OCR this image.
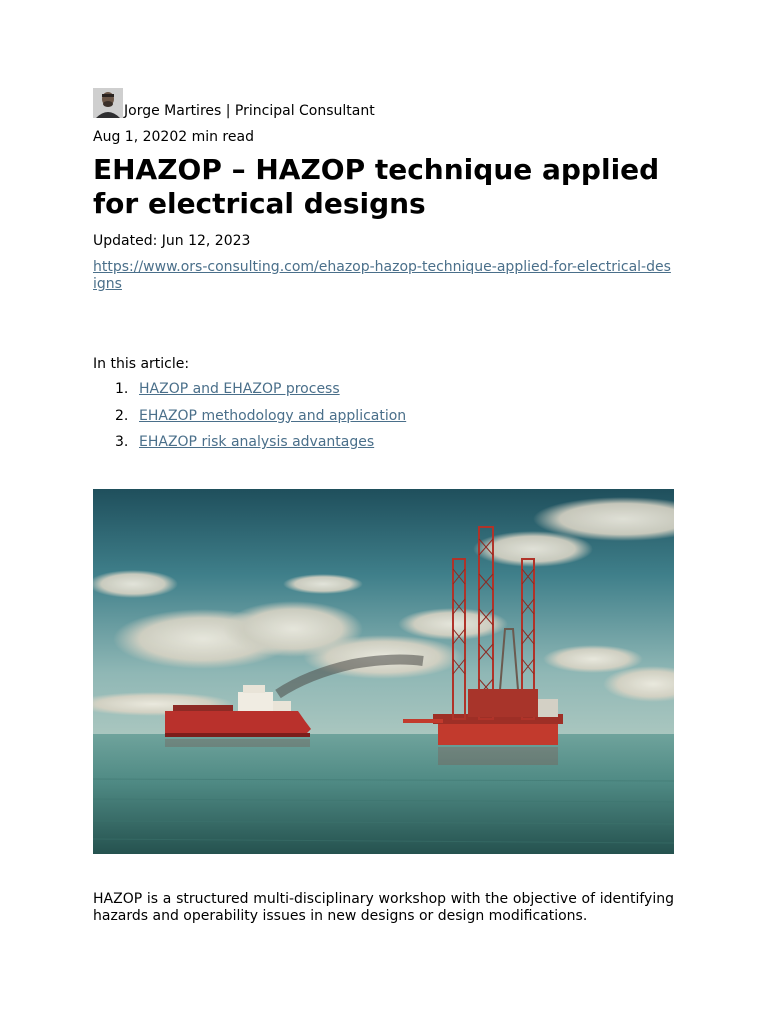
Jorge Martires | Principal Consultant
Aug 1, 20202 min read
EHAZOP – HAZOP technique applied for electrical designs
Updated: Jun 12, 2023
https://www.ors-consulting.com/ehazop-hazop-technique-applied-for-electrical-designs
In this article:
1. HAZOP and EHAZOP process
2. EHAZOP methodology and application
3. EHAZOP risk analysis advantages

HAZOP is a structured multi-disciplinary workshop with the objective of identifying hazards and operability issues in new designs or design modifications.
